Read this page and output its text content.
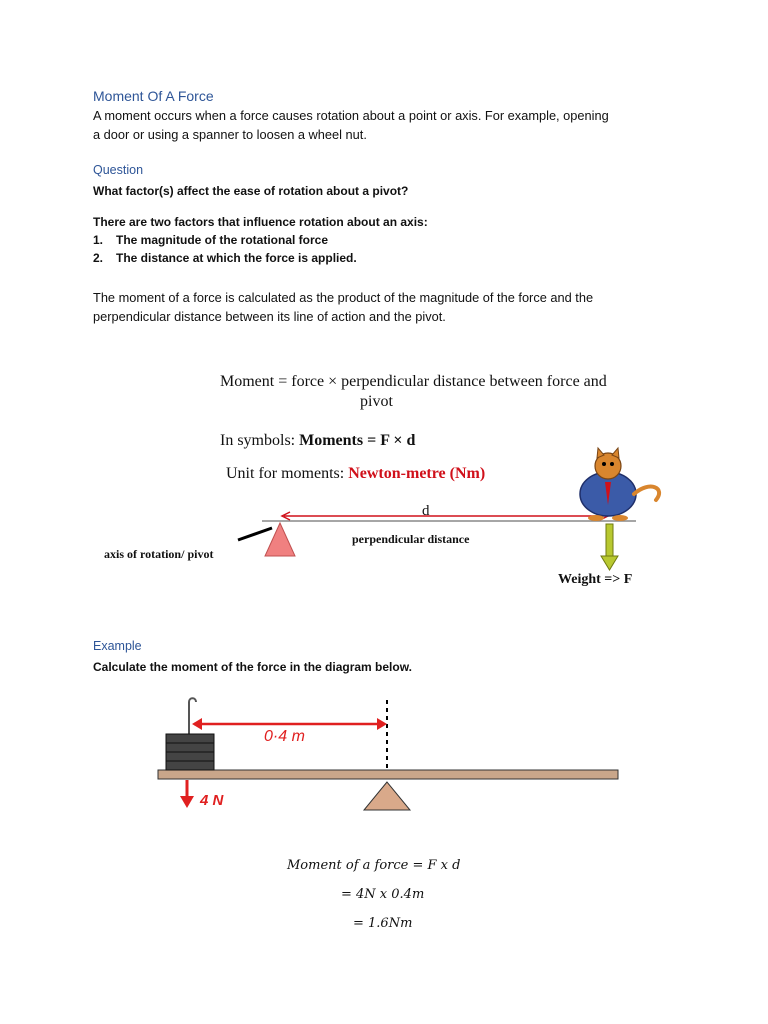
Moment Of A Force
A moment occurs when a force causes rotation about a point or axis. For example, opening
a door or using a spanner to loosen a wheel nut.
Question
What factor(s) affect the ease of rotation about a pivot?
There are two factors that influence rotation about an axis:
1. The magnitude of the rotational force
2. The distance at which the force is applied.
The moment of a force is calculated as the product of the magnitude of the force and the
perpendicular distance between its line of action and the pivot.
Moment = force × perpendicular distance between force and
pivot
In symbols: Moments = F × d
Unit for moments: Newton-metre (Nm)
d
perpendicular distance
axis of rotation/ pivot
Weight => F
Example
Calculate the moment of the force in the diagram below.
0·4 m
4 N
Moment of a force = F x d
= 4N x 0.4m
= 1.6Nm
